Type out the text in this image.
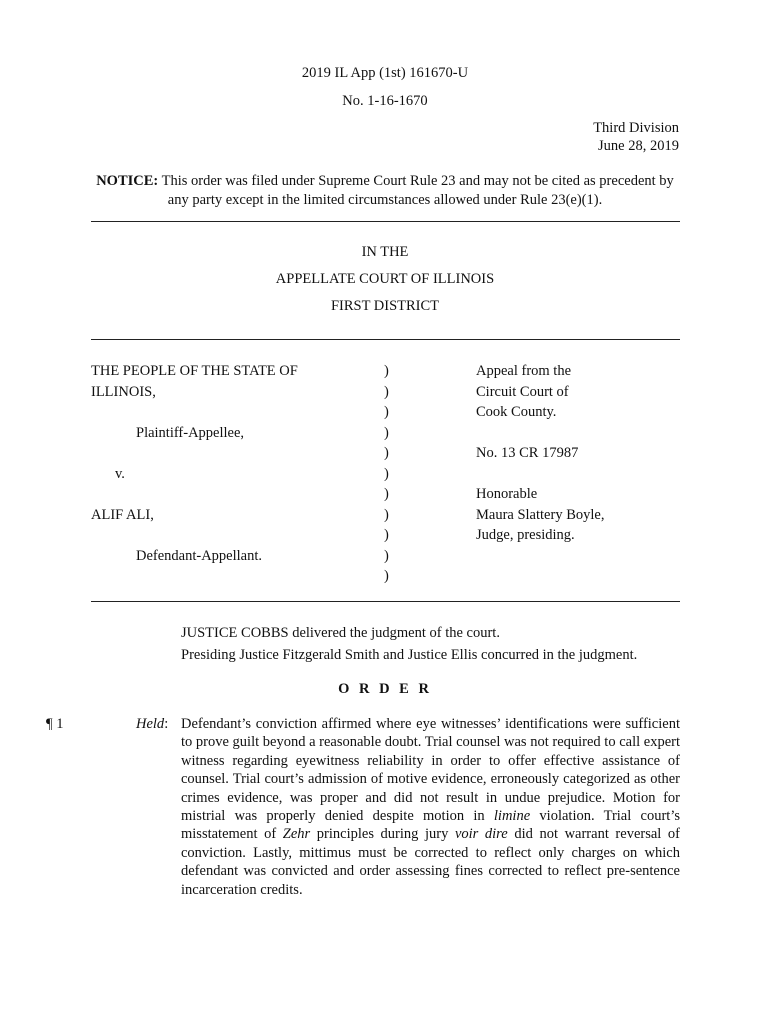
2019 IL App (1st) 161670-U
No. 1-16-1670
Third Division
June 28, 2019
NOTICE: This order was filed under Supreme Court Rule 23 and may not be cited as precedent by any party except in the limited circumstances allowed under Rule 23(e)(1).
IN THE
APPELLATE COURT OF ILLINOIS
FIRST DISTRICT
THE PEOPLE OF THE STATE OF
ILLINOIS,
Plaintiff-Appellee,
v.
ALIF ALI,
Defendant-Appellant.
)
)
)
)
)
)
)
)
)
)
)
Appeal from the
Circuit Court of
Cook County.
No. 13 CR 17987
Honorable
Maura Slattery Boyle,
Judge, presiding.
JUSTICE COBBS delivered the judgment of the court.
Presiding Justice Fitzgerald Smith and Justice Ellis concurred in the judgment.
O R D E R
¶ 1	Held: Defendant’s conviction affirmed where eye witnesses’ identifications were sufficient to prove guilt beyond a reasonable doubt. Trial counsel was not required to call expert witness regarding eyewitness reliability in order to offer effective assistance of counsel. Trial court’s admission of motive evidence, erroneously categorized as other crimes evidence, was proper and did not result in undue prejudice. Motion for mistrial was properly denied despite motion in limine violation. Trial court’s misstatement of Zehr principles during jury voir dire did not warrant reversal of conviction. Lastly, mittimus must be corrected to reflect only charges on which defendant was convicted and order assessing fines corrected to reflect pre-sentence incarceration credits.
